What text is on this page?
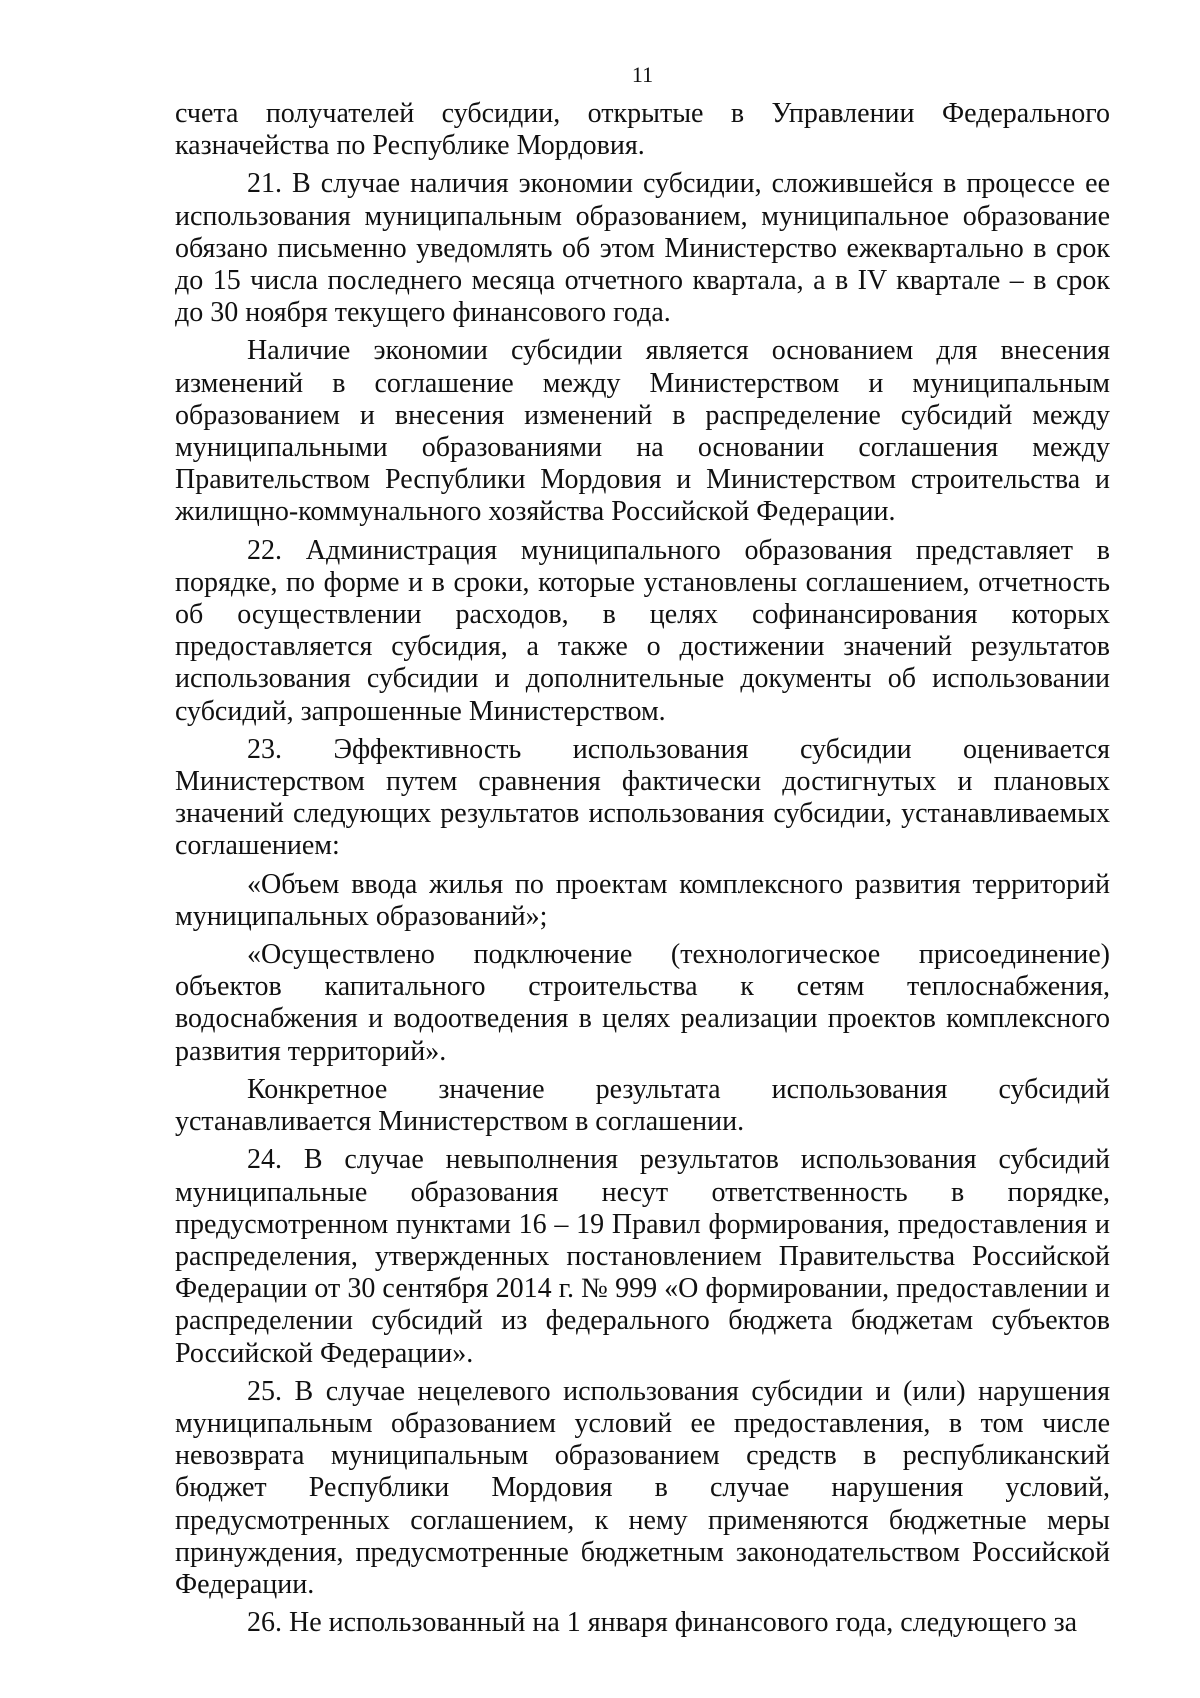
11

счета получателей субсидии, открытые в Управлении Федерального казначейства по Республике Мордовия.

21. В случае наличия экономии субсидии, сложившейся в процессе ее использования муниципальным образованием, муниципальное образование обязано письменно уведомлять об этом Министерство ежеквартально в срок до 15 числа последнего месяца отчетного квартала, а в IV квартале – в срок до 30 ноября текущего финансового года.

Наличие экономии субсидии является основанием для внесения изменений в соглашение между Министерством и муниципальным образованием и внесения изменений в распределение субсидий между муниципальными образованиями на основании соглашения между Правительством Республики Мордовия и Министерством строительства и жилищно-коммунального хозяйства Российской Федерации.

22. Администрация муниципального образования представляет в порядке, по форме и в сроки, которые установлены соглашением, отчетность об осуществлении расходов, в целях софинансирования которых предоставляется субсидия, а также о достижении значений результатов использования субсидии и дополнительные документы об использовании субсидий, запрошенные Министерством.

23. Эффективность использования субсидии оценивается Министерством путем сравнения фактически достигнутых и плановых значений следующих результатов использования субсидии, устанавливаемых соглашением:

«Объем ввода жилья по проектам комплексного развития территорий муниципальных образований»;

«Осуществлено подключение (технологическое присоединение) объектов капитального строительства к сетям теплоснабжения, водоснабжения и водоотведения в целях реализации проектов комплексного развития территорий».

Конкретное значение результата использования субсидий устанавливается Министерством в соглашении.

24. В случае невыполнения результатов использования субсидий муниципальные образования несут ответственность в порядке, предусмотренном пунктами 16 – 19 Правил формирования, предоставления и распределения, утвержденных постановлением Правительства Российской Федерации от 30 сентября 2014 г. № 999 «О формировании, предоставлении и распределении субсидий из федерального бюджета бюджетам субъектов Российской Федерации».

25. В случае нецелевого использования субсидии и (или) нарушения муниципальным образованием условий ее предоставления, в том числе невозврата муниципальным образованием средств в республиканский бюджет Республики Мордовия в случае нарушения условий, предусмотренных соглашением, к нему применяются бюджетные меры принуждения, предусмотренные бюджетным законодательством Российской Федерации.

26. Не использованный на 1 января финансового года, следующего за
